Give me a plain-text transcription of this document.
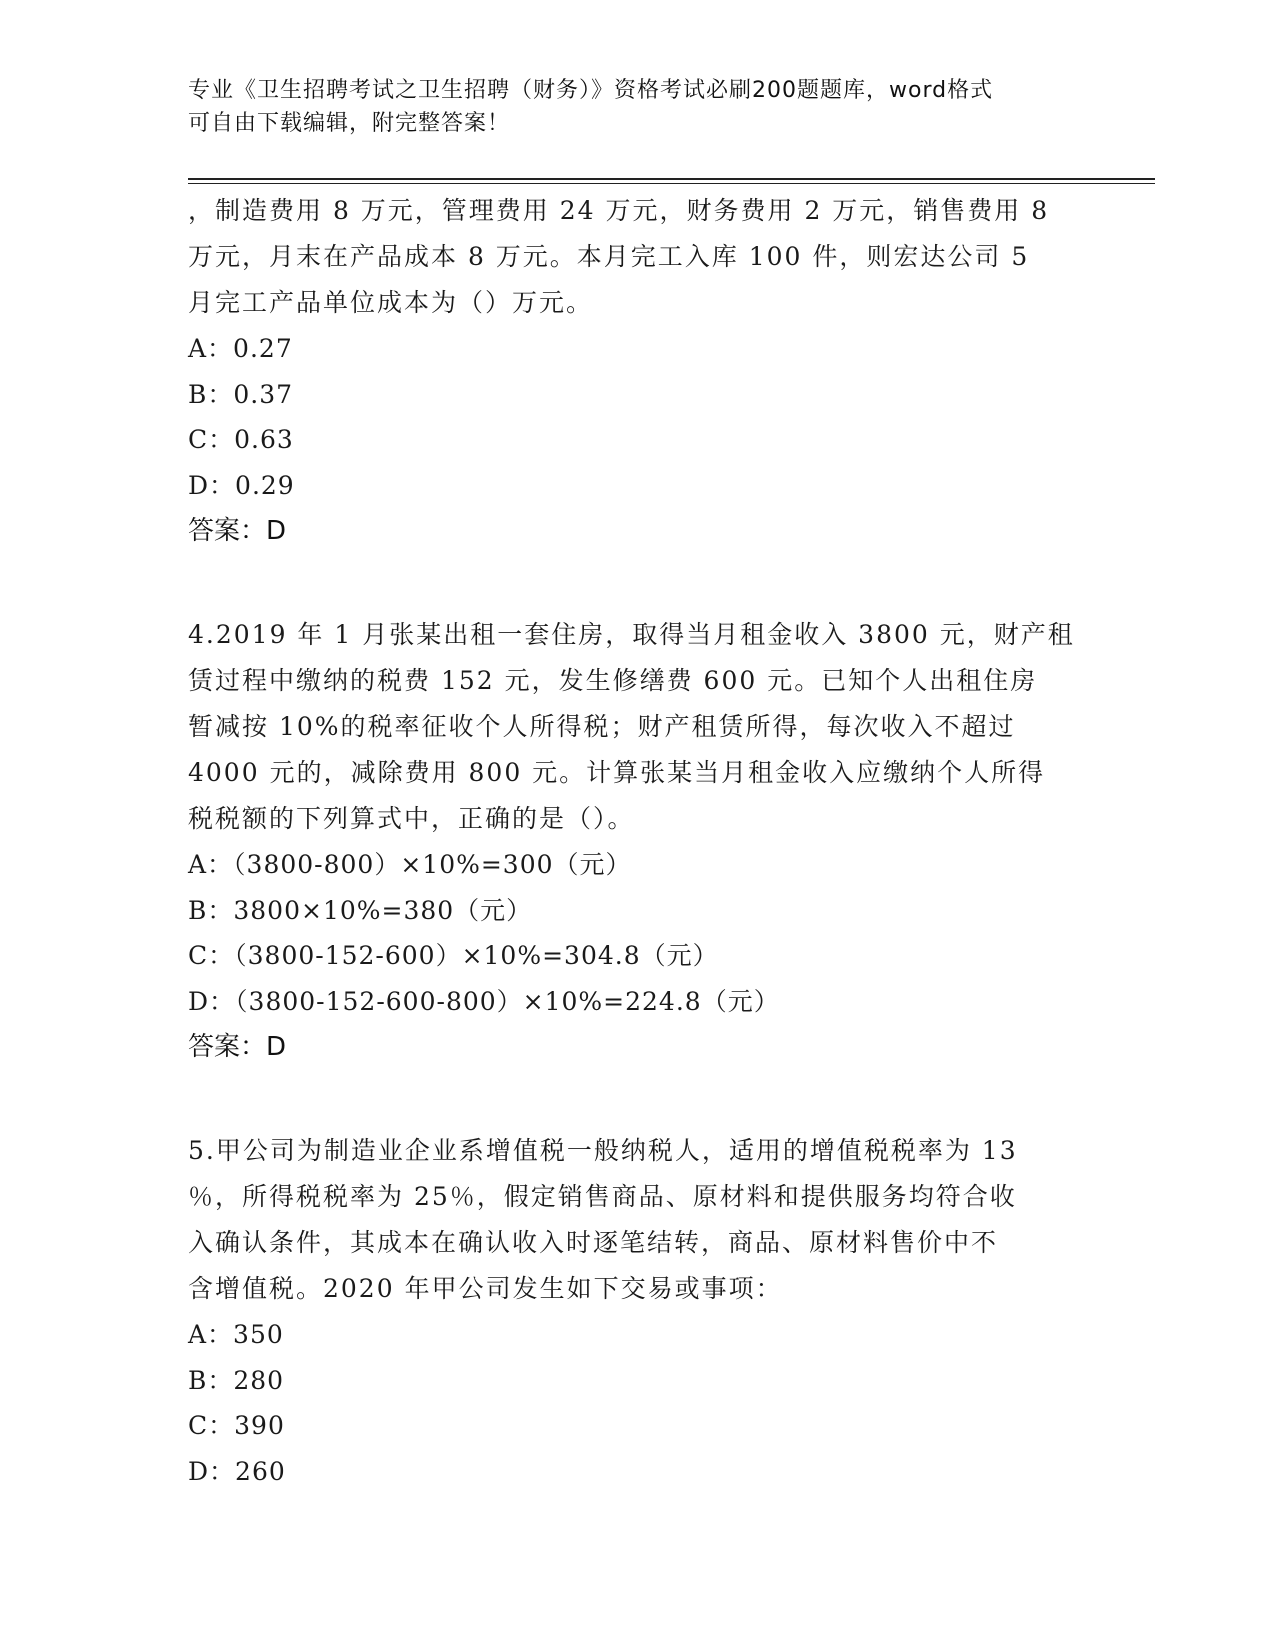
专业《卫生招聘考试之卫生招聘（财务）》资格考试必刷200题题库，word格式
可自由下载编辑，附完整答案！

，制造费用 8 万元，管理费用 24 万元，财务费用 2 万元，销售费用 8

万元，月末在产品成本 8 万元。本月完工入库 100 件，则宏达公司 5

月完工产品单位成本为（）万元。

A：0.27

B：0.37

C：0.63

D：0.29

答案：D

4.2019 年 1 月张某出租一套住房，取得当月租金收入 3800 元，财产租

赁过程中缴纳的税费 152 元，发生修缮费 600 元。已知个人出租住房

暂减按 10%的税率征收个人所得税；财产租赁所得，每次收入不超过

4000 元的，减除费用 800 元。计算张某当月租金收入应缴纳个人所得

税税额的下列算式中，正确的是（）。

A：（3800-800）×10%=300（元）

B：3800×10%=380（元）

C：（3800-152-600）×10%=304.8（元）

D：（3800-152-600-800）×10%=224.8（元）

答案：D

5.甲公司为制造业企业系增值税一般纳税人，适用的增值税税率为 13

％，所得税税率为 25％，假定销售商品、原材料和提供服务均符合收

入确认条件，其成本在确认收入时逐笔结转，商品、原材料售价中不

含增值税。2020 年甲公司发生如下交易或事项：

A：350

B：280

C：390

D：260
